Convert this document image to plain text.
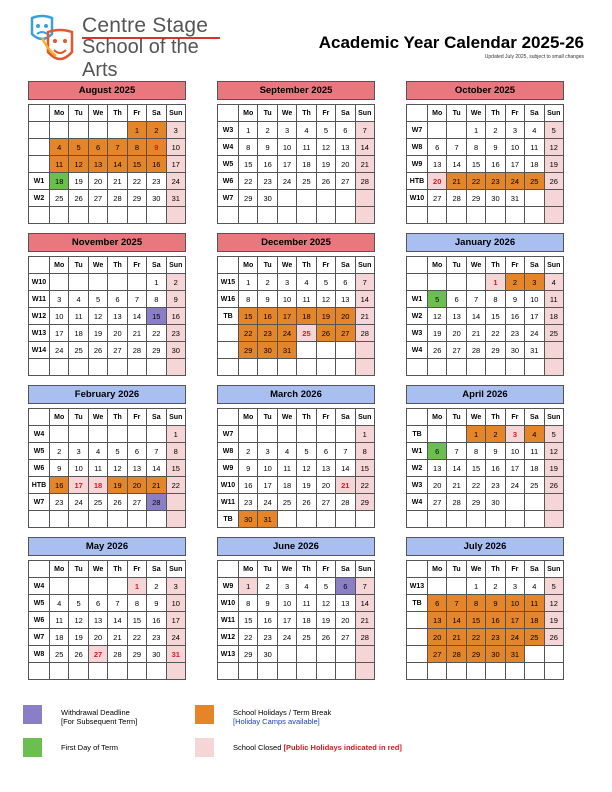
Centre Stage
School of the Arts
Academic Year Calendar 2025-26
Updated July 2025, subject to small changes
August 2025
	Mo	Tu	We	Th	Fr	Sa	Sun
					1	2	3
	4	5	6	7	8	9	10
	11	12	13	14	15	16	17
W1	18	19	20	21	22	23	24
W2	25	26	27	28	29	30	31

September 2025
	Mo	Tu	We	Th	Fr	Sa	Sun
W3	1	2	3	4	5	6	7
W4	8	9	10	11	12	13	14
W5	15	16	17	18	19	20	21
W6	22	23	24	25	26	27	28
W7	29	30					

October 2025
	Mo	Tu	We	Th	Fr	Sa	Sun
W7			1	2	3	4	5
W8	6	7	8	9	10	11	12
W9	13	14	15	16	17	18	19
HTB	20	21	22	23	24	25	26
W10	27	28	29	30	31		

November 2025
	Mo	Tu	We	Th	Fr	Sa	Sun
W10						1	2
W11	3	4	5	6	7	8	9
W12	10	11	12	13	14	15	16
W13	17	18	19	20	21	22	23
W14	24	25	26	27	28	29	30

December 2025
	Mo	Tu	We	Th	Fr	Sa	Sun
W15	1	2	3	4	5	6	7
W16	8	9	10	11	12	13	14
TB	15	16	17	18	19	20	21
	22	23	24	25	26	27	28
	29	30	31				

January 2026
	Mo	Tu	We	Th	Fr	Sa	Sun
				1	2	3	4
W1	5	6	7	8	9	10	11
W2	12	13	14	15	16	17	18
W3	19	20	21	22	23	24	25
W4	26	27	28	29	30	31	

February 2026
	Mo	Tu	We	Th	Fr	Sa	Sun
W4							1
W5	2	3	4	5	6	7	8
W6	9	10	11	12	13	14	15
HTB	16	17	18	19	20	21	22
W7	23	24	25	26	27	28	

March 2026
	Mo	Tu	We	Th	Fr	Sa	Sun
W7							1
W8	2	3	4	5	6	7	8
W9	9	10	11	12	13	14	15
W10	16	17	18	19	20	21	22
W11	23	24	25	26	27	28	29
TB	30	31					
April 2026
	Mo	Tu	We	Th	Fr	Sa	Sun
TB			1	2	3	4	5
W1	6	7	8	9	10	11	12
W2	13	14	15	16	17	18	19
W3	20	21	22	23	24	25	26
W4	27	28	29	30			

May 2026
	Mo	Tu	We	Th	Fr	Sa	Sun
W4					1	2	3
W5	4	5	6	7	8	9	10
W6	11	12	13	14	15	16	17
W7	18	19	20	21	22	23	24
W8	25	26	27	28	29	30	31

June 2026
	Mo	Tu	We	Th	Fr	Sa	Sun
W9	1	2	3	4	5	6	7
W10	8	9	10	11	12	13	14
W11	15	16	17	18	19	20	21
W12	22	23	24	25	26	27	28
W13	29	30					

July 2026
	Mo	Tu	We	Th	Fr	Sa	Sun
W13			1	2	3	4	5
TB	6	7	8	9	10	11	12
	13	14	15	16	17	18	19
	20	21	22	23	24	25	26
	27	28	29	30	31		

Withdrawal Deadline
[For Subsequent Term]
First Day of Term
School Holidays / Term Break
[Holiday Camps available]
School Closed [Public Holidays indicated in red]
